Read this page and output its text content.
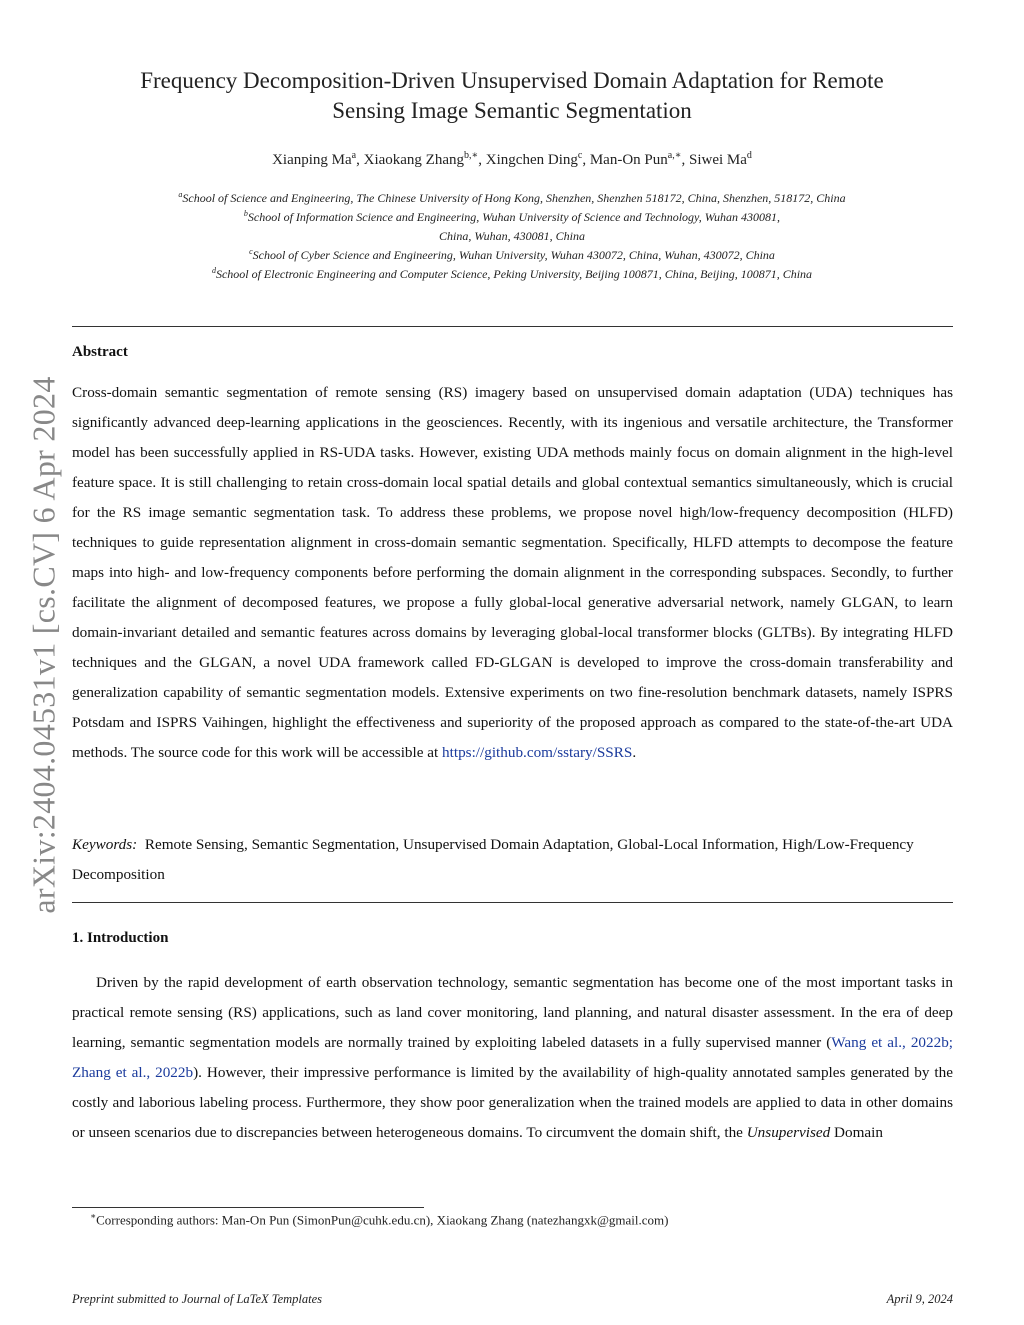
arXiv:2404.04531v1 [cs.CV] 6 Apr 2024
Frequency Decomposition-Driven Unsupervised Domain Adaptation for Remote
Sensing Image Semantic Segmentation
Xianping Ma$^a$, Xiaokang Zhang$^{b,∗}$, Xingchen Ding$^c$, Man-On Pun$^{a,∗}$, Siwei Ma$^d$
$^a$School of Science and Engineering, The Chinese University of Hong Kong, Shenzhen, Shenzhen 518172, China, Shenzhen, 518172, China
$^b$School of Information Science and Engineering, Wuhan University of Science and Technology, Wuhan 430081,
China, Wuhan, 430081, China
$^c$School of Cyber Science and Engineering, Wuhan University, Wuhan 430072, China, Wuhan, 430072, China
$^d$School of Electronic Engineering and Computer Science, Peking University, Beijing 100871, China, Beijing, 100871, China
Abstract

Cross-domain semantic segmentation of remote sensing (RS) imagery based on unsupervised domain adaptation (UDA) techniques has significantly advanced deep-learning applications in the geosciences. Recently, with its ingenious and versatile architecture, the Transformer model has been successfully applied in RS-UDA tasks. However, existing UDA methods mainly focus on domain alignment in the high-level feature space. It is still challenging to retain cross-domain local spatial details and global contextual semantics simultaneously, which is crucial for the RS image semantic segmentation task. To address these problems, we propose novel high/low-frequency decomposition (HLFD) techniques to guide representation alignment in cross-domain semantic segmentation. Specifically, HLFD attempts to decompose the feature maps into high- and low-frequency components before performing the domain alignment in the corresponding subspaces. Secondly, to further facilitate the alignment of decomposed features, we propose a fully global-local generative adversarial network, namely GLGAN, to learn domain-invariant detailed and semantic features across domains by leveraging global-local transformer blocks (GLTBs). By integrating HLFD techniques and the GLGAN, a novel UDA framework called FD-GLGAN is developed to improve the cross-domain transferability and generalization capability of semantic segmentation models. Extensive experiments on two fine-resolution benchmark datasets, namely ISPRS Potsdam and ISPRS Vaihingen, highlight the effectiveness and superiority of the proposed approach as compared to the state-of-the-art UDA methods. The source code for this work will be accessible at https://github.com/sstary/SSRS.

Keywords: Remote Sensing, Semantic Segmentation, Unsupervised Domain Adaptation, Global-Local Information, High/Low-Frequency Decomposition

1. Introduction

Driven by the rapid development of earth observation technology, semantic segmentation has become one of the most important tasks in practical remote sensing (RS) applications, such as land cover monitoring, land planning, and natural disaster assessment. In the era of deep learning, semantic segmentation models are normally trained by exploiting labeled datasets in a fully supervised manner (Wang et al., 2022b; Zhang et al., 2022b). However, their impressive performance is limited by the availability of high-quality annotated samples generated by the costly and laborious labeling process. Furthermore, they show poor generalization when the trained models are applied to data in other domains or unseen scenarios due to discrepancies between heterogeneous domains. To circumvent the domain shift, the Unsupervised Domain

∗Corresponding authors: Man-On Pun (SimonPun@cuhk.edu.cn), Xiaokang Zhang (natezhangxk@gmail.com)
Preprint submitted to Journal of LaTeX Templates	April 9, 2024
